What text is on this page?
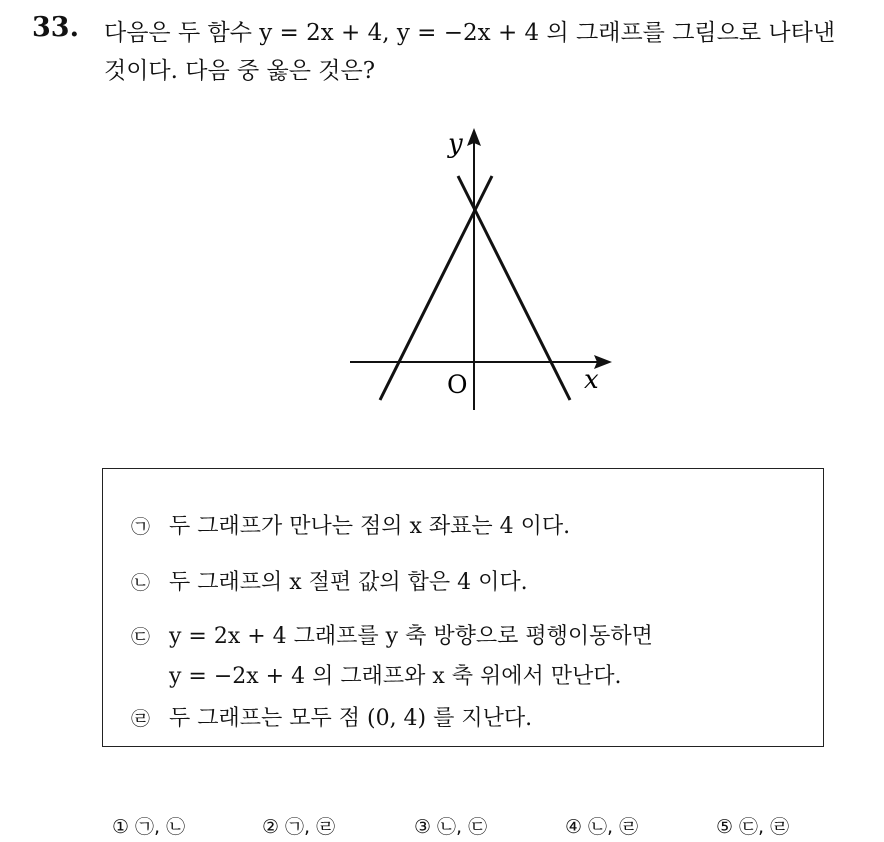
33. 다음은 두 함수 y = 2x + 4, y = −2x + 4 의 그래프를 그림으로 나타낸
것이다. 다음 중 옳은 것은?
y
x
O
㉠ 두 그래프가 만나는 점의 x 좌표는 4 이다.
㉡ 두 그래프의 x 절편 값의 합은 4 이다.
㉢ y = 2x + 4 그래프를 y 축 방향으로 평행이동하면
y = −2x + 4 의 그래프와 x 축 위에서 만난다.
㉣ 두 그래프는 모두 점 (0, 4) 를 지난다.
① ㉠, ㉡	② ㉠, ㉣	③ ㉡, ㉢	④ ㉡, ㉣	⑤ ㉢, ㉣
